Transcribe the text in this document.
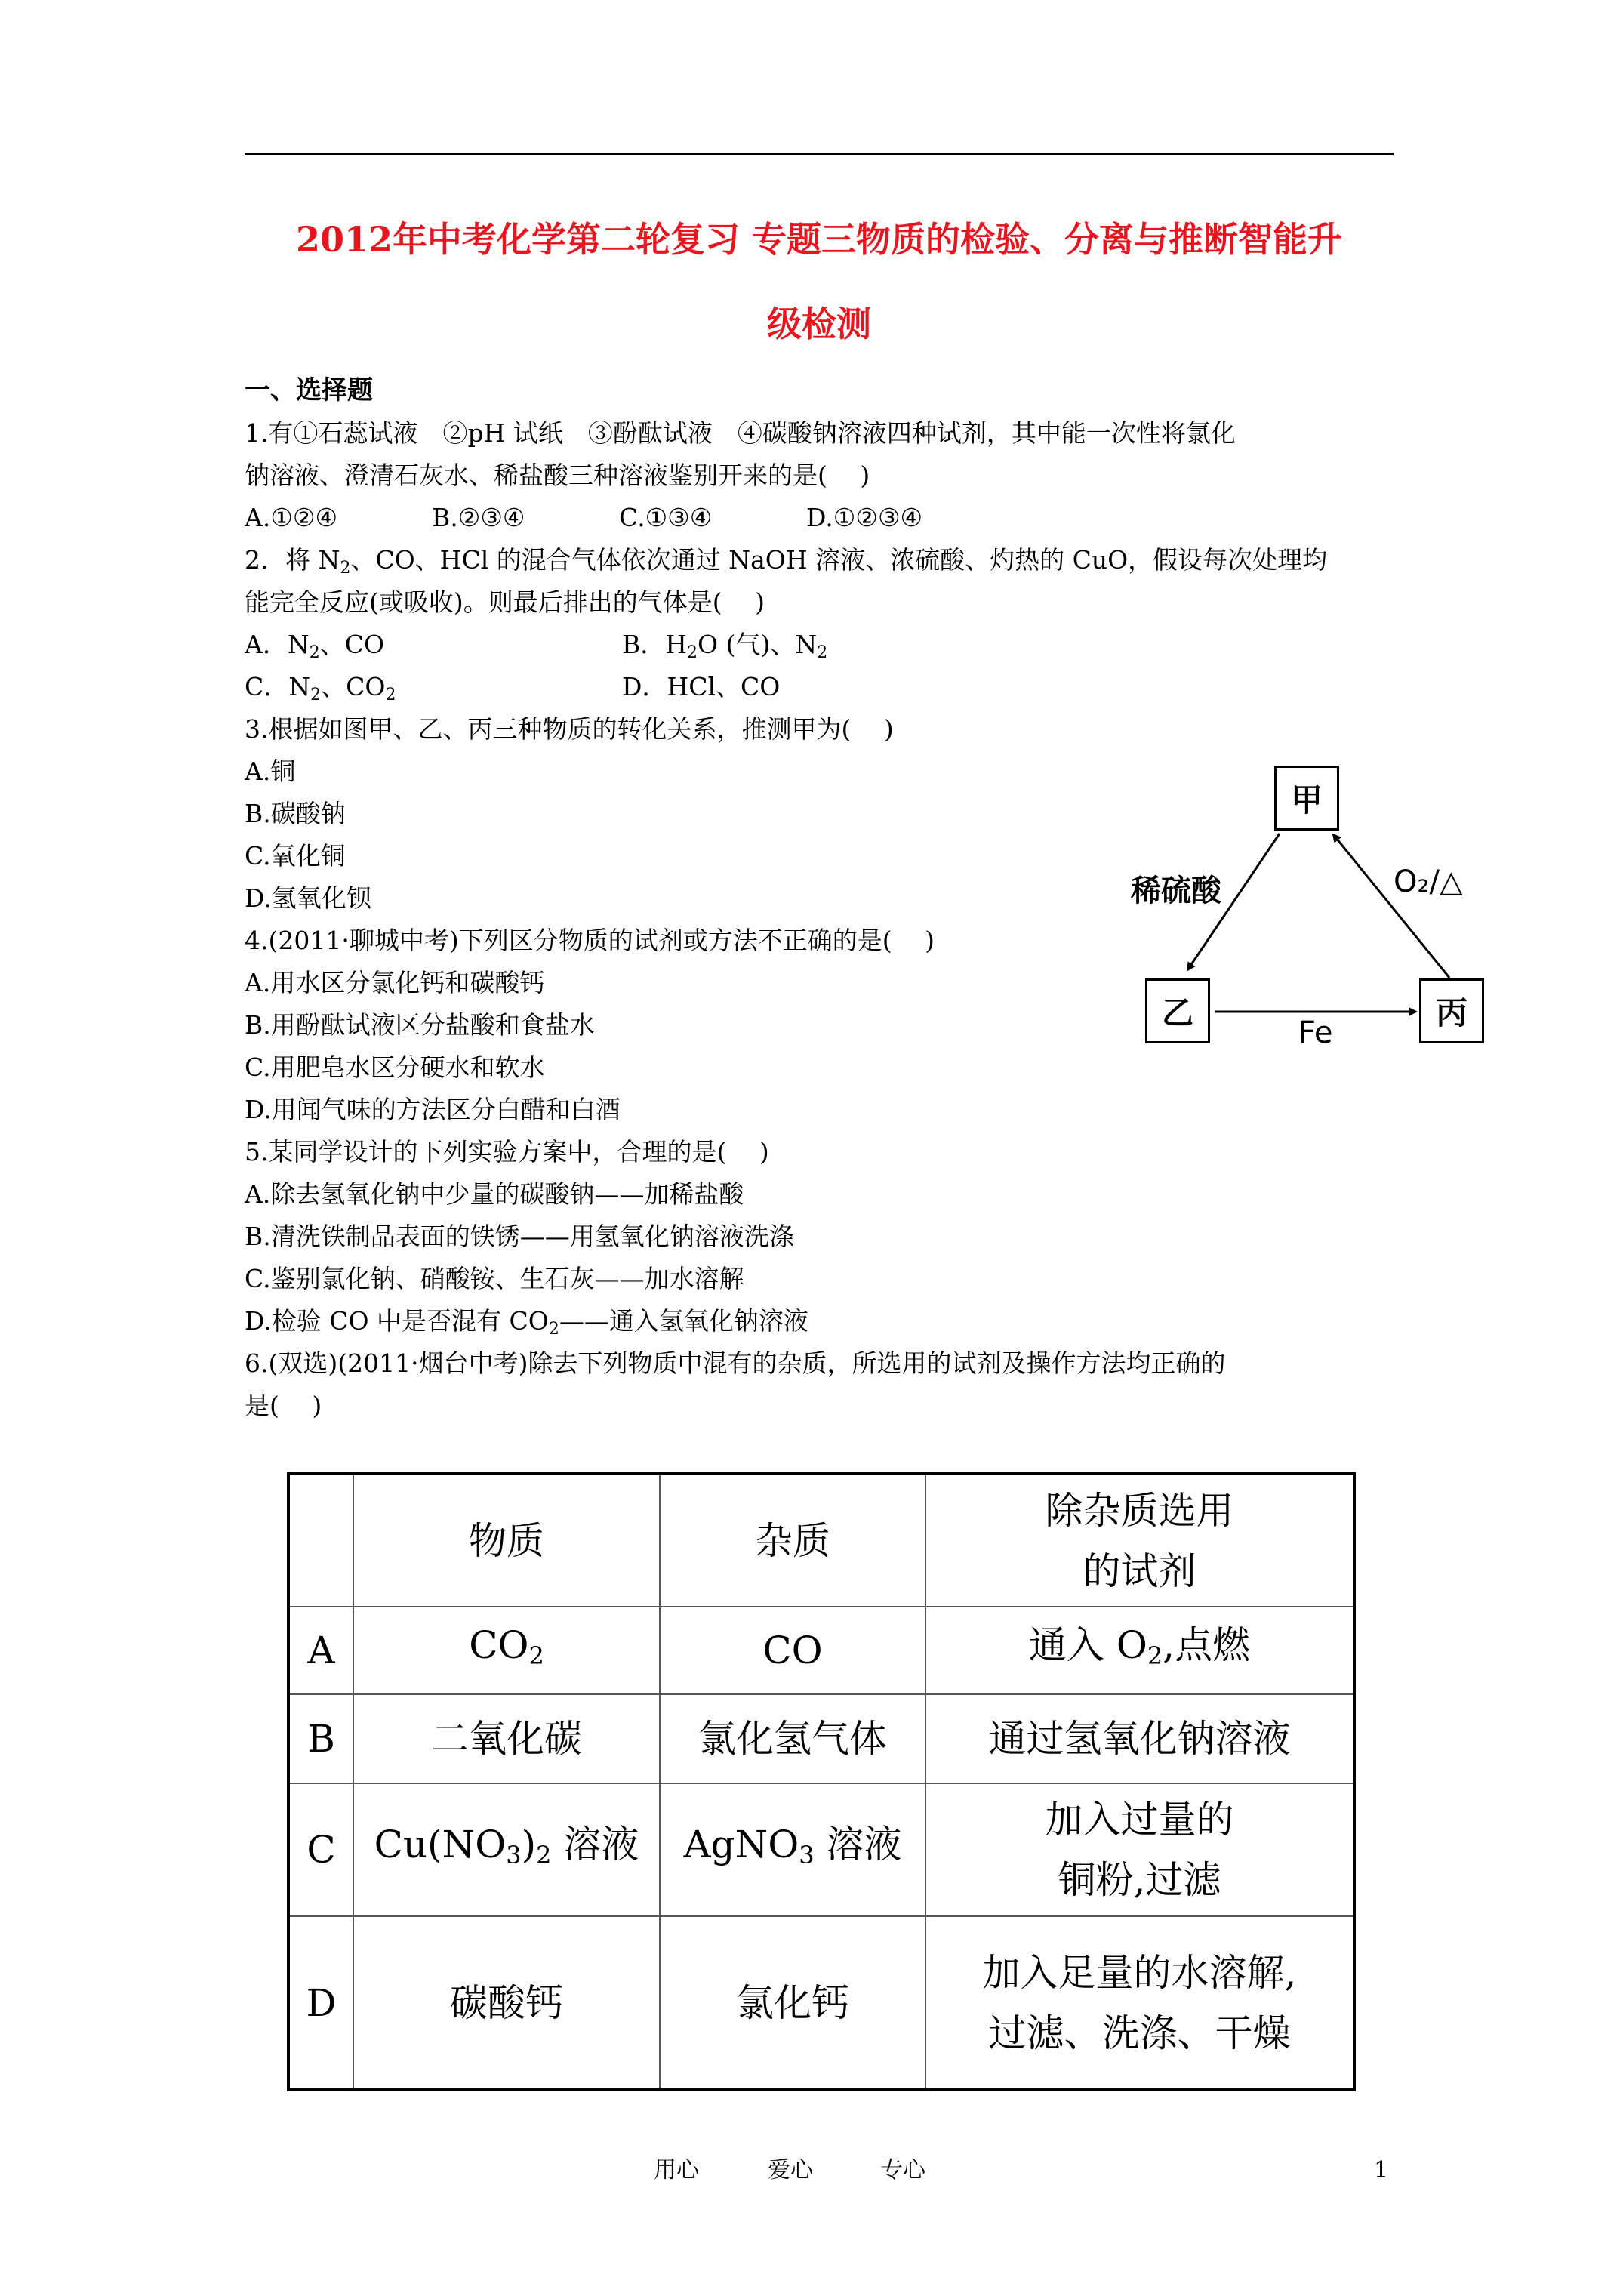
2012年中考化学第二轮复习 专题三物质的检验、分离与推断智能升
级检测
一、选择题
1.有①石蕊试液　②pH 试纸　③酚酞试液　④碳酸钠溶液四种试剂，其中能一次性将氯化
钠溶液、澄清石灰水、稀盐酸三种溶液鉴别开来的是(　 )
A.①②④	B.②③④	C.①③④	D.①②③④
2．将 $N_2$、CO、HCl 的混合气体依次通过 NaOH 溶液、浓硫酸、灼热的 CuO，假设每次处理均
能完全反应(或吸收)。则最后排出的气体是(　 )
A．$N_2$、CO	B．$H_2O$ (气)、$N_2$
C．$N_2$、$CO_2$	D．HCl、CO
3.根据如图甲、乙、丙三种物质的转化关系，推测甲为(　 )
A.铜
B.碳酸钠
C.氧化铜
D.氢氧化钡
甲
乙	丙
稀硫酸	O₂/△
Fe
4.(2011·聊城中考)下列区分物质的试剂或方法不正确的是(　 )
A.用水区分氯化钙和碳酸钙
B.用酚酞试液区分盐酸和食盐水
C.用肥皂水区分硬水和软水
D.用闻气味的方法区分白醋和白酒
5.某同学设计的下列实验方案中，合理的是(　 )
A.除去氢氧化钠中少量的碳酸钠——加稀盐酸
B.清洗铁制品表面的铁锈——用氢氧化钠溶液洗涤
C.鉴别氯化钠、硝酸铵、生石灰——加水溶解
D.检验 CO 中是否混有 $CO_2——$通入氢氧化钠溶液
6.(双选)(2011·烟台中考)除去下列物质中混有的杂质，所选用的试剂及操作方法均正确的
是(　 )
	物质	杂质	除杂质选用
的试剂
A	CO2	CO	通入 O2,点燃
B	二氧化碳	氯化氢气体	通过氢氧化钠溶液
C	Cu(NO3)2 溶液	AgNO3 溶液	加入过量的
铜粉,过滤
D	碳酸钙	氯化钙	加入足量的水溶解,
过滤、洗涤、干燥
用心	爱心	专心	1
